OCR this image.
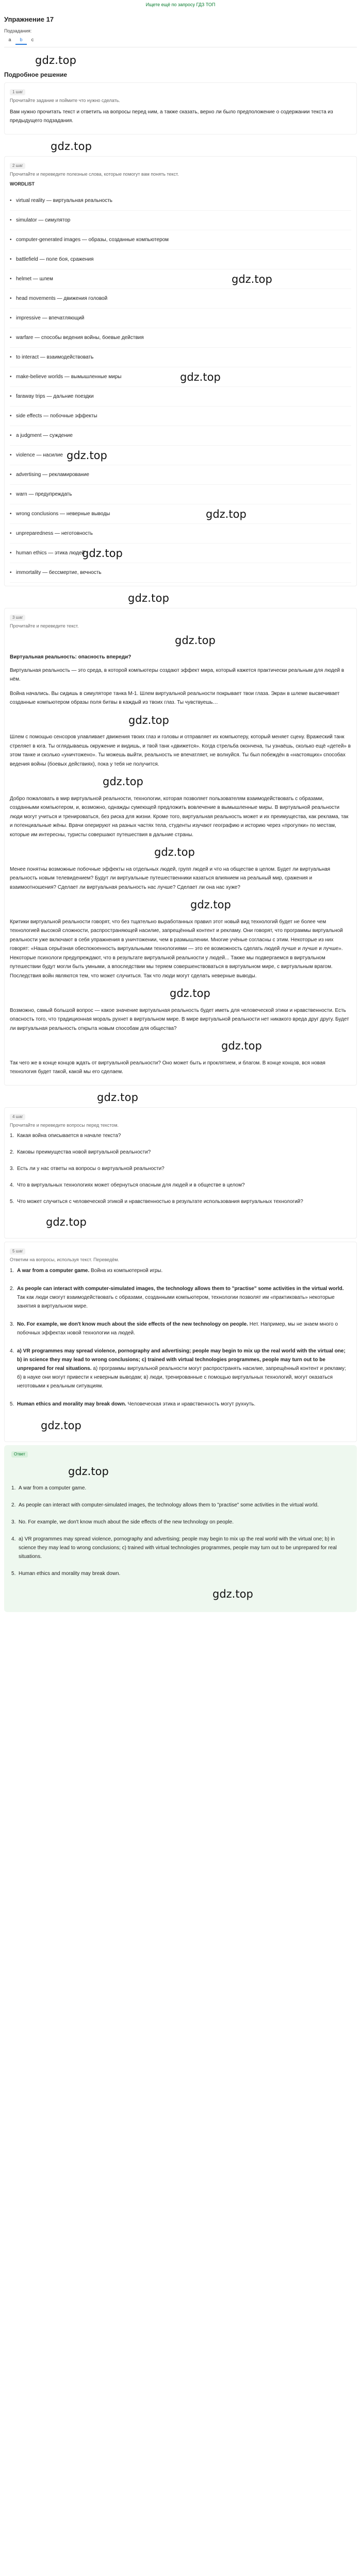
Ищете ещё по запросу ГДЗ ТОП
Упражнение 17
Подзадания:
a	b	c
gdz.top
Подробное решение
1 шаг
Прочитайте задание и поймите что нужно сделать.

Вам нужно прочитать текст и ответить на вопросы перед ним, а также сказать, верно ли было предположение о содержании текста из предыдущего подзадания.

gdz.top
2 шаг
Прочитайте и переведите полезные слова, которые помогут вам понять текст.
WORDLIST
• virtual reality — виртуальная реальность
• simulator — симулятор
• computer-generated images — образы, созданные компьютером
• battlefield — поле боя, сражения
• helmet — шлем	gdz.top
• head movements — движения головой
• impressive — впечатляющий
• warfare — способы ведения войны, боевые действия
• to interact — взаимодействовать
• make-believe worlds — вымышленные миры	gdz.top
• faraway trips — дальние поездки
• side effects — побочные эффекты
• a judgment — суждение
• violence — насилие gdz.top
• advertising — рекламирование
• warn — предупреждать
• wrong conclusions — неверные выводы	gdz.top
• unpreparedness — неготовность
• human ethics — этика людей
gdz.top
• immortality — бессмертие, вечность
gdz.top
3 шаг
Прочитайте и переведите текст.
gdz.top
Виртуальная реальность: опасность впереди?

Виртуальная реальность — это среда, в которой компьютеры создают эффект мира, который кажется практически реальным для людей в нём.

Война начались. Вы сидишь в симуляторе танка М-1. Шлем виртуальной реальности покрывает твои глаза. Экран в шлеме высвечивает созданные компьютером образы поля битвы в каждый из твоих глаз. Ты чувствуешь…

gdz.top

Шлем с помощью сенсоров улавливает движения твоих глаз и головы и отправляет их компьютеру, который меняет сцену. Вражеский танк стреляет в юга. Ты оглядываешь окружение и видишь, и твой танк «движется». Когда стрельба окончена, ты узнаёшь, сколько ещё «детей» в этом танке и сколько «уничтожено». Ты можешь выйти, реальность не впечатляет, не волнуйся. Ты был побеждён в «настоящих» способах ведения войны (боевых действиях), пока у тебя не получится.

gdz.top

Добро пожаловать в мир виртуальной реальности, технологии, которая позволяет пользователям взаимодействовать с образами, созданными компьютером, и, возможно, однажды сумеющей предложить вовлечение в вымышленные миры. В виртуальной реальности люди могут учиться и тренироваться, без риска для жизни. Кроме того, виртуальная реальность может и их преимущества, как реклама, так и потенциальные жёны. Врачи оперируют на разных частях тела, студенты изучают географию и историю через «прогулки» по местам, которые им интересны, туристы совершают путешествия в дальние страны.

gdz.top

Менее понятны возможные побочные эффекты на отдельных людей, групп людей и что на обществе в целом. Будет ли виртуальная реальность новым телевидением? Будут ли виртуальные путешественники казаться влиянием на реальный мир, сражения и взаимоотношения? Сделает ли виртуальная реальность нас лучше? Сделает ли она нас хуже?

gdz.top

Критики виртуальной реальности говорят, что без тщательно выработанных правил этот новый вид технологий будет не более чем технологией высокой сложности, распространяющей насилие, запрещённый контент и рекламу. Они говорят, что программы виртуальной реальности уже включают в себя упражнения в уничтожении, чем в размышлении. Многие учёные согласны с этим. Некоторые из них говорят: «Наша серьёзная обеспокоенность виртуальными технологиями — это ее возможность сделать людей лучше и лучше и лучше». Некоторые психологи предупреждают, что в результате виртуальной реальности у людей... Также мы подвергаемся в виртуальном путешествии будут могли быть умными, а впоследствии мы теряем совершенствоваться в виртуальном мире, с виртуальным врагом. Последствия войн являются тем, что может случиться. Так что люди могут сделать неверные выводы.

gdz.top

Возможно, самый большой вопрос — какое значение виртуальная реальность будет иметь для человеческой этики и нравственности. Есть опасность того, что традиционная мораль рухнет в виртуальном мире. В мире виртуальной реальности нет никакого вреда друг другу. Будет ли виртуальная реальность открыта новым способам для общества?

gdz.top

Так чего же в конце концов ждать от виртуальной реальности? Оно может быть и проклятием, и благом. В конце концов, вся новая технология будет такой, какой мы его сделаем.

gdz.top
4 шаг
Прочитайте и переведите вопросы перед текстом.
Какая война описывается в начале текста?
Каковы преимущества новой виртуальной реальности?
Есть ли у нас ответы на вопросы о виртуальной реальности?
Что в виртуальных технологиях может обернуться опасным для людей и в обществе в целом?
Что может случиться с человеческой этикой и нравственностью в результате использования виртуальных технологий?
gdz.top
5 шаг
Ответим на вопросы, используя текст. Переведём.
A war from a computer game. Война из компьютерной игры.
As people can interact with computer-simulated images, the technology allows them to "practise" some activities in the virtual world. Так как люди смогут взаимодействовать с образами, созданными компьютером, технологии позволят им «практиковать» некоторые занятия в виртуальном мире.
No. For example, we don't know much about the side effects of the new technology on people. Нет. Например, мы не знаем много о побочных эффектах новой технологии на людей.
a) VR programmes may spread violence, pornography and advertising; people may begin to mix up the real world with the virtual one; b) in science they may lead to wrong conclusions; c) trained with virtual technologies programmes, people may turn out to be unprepared for real situations. а) программы виртуальной реальности могут распространять насилие, запрещённый контент и рекламу; б) в науке они могут привести к неверным выводам; в) люди, тренированные с помощью виртуальных технологий, могут оказаться неготовыми к реальным ситуациям.
Human ethics and morality may break down. Человеческая этика и нравственность могут рухнуть.
gdz.top
Ответ
gdz.top
A war from a computer game.
As people can interact with computer-simulated images, the technology allows them to "practise" some activities in the virtual world.
No. For example, we don't know much about the side effects of the new technology on people.
a) VR programmes may spread violence, pornography and advertising; people may begin to mix up the real world with the virtual one; b) in science they may lead to wrong conclusions; c) trained with virtual technologies programmes, people may turn out to be unprepared for real situations.
Human ethics and morality may break down.
gdz.top
